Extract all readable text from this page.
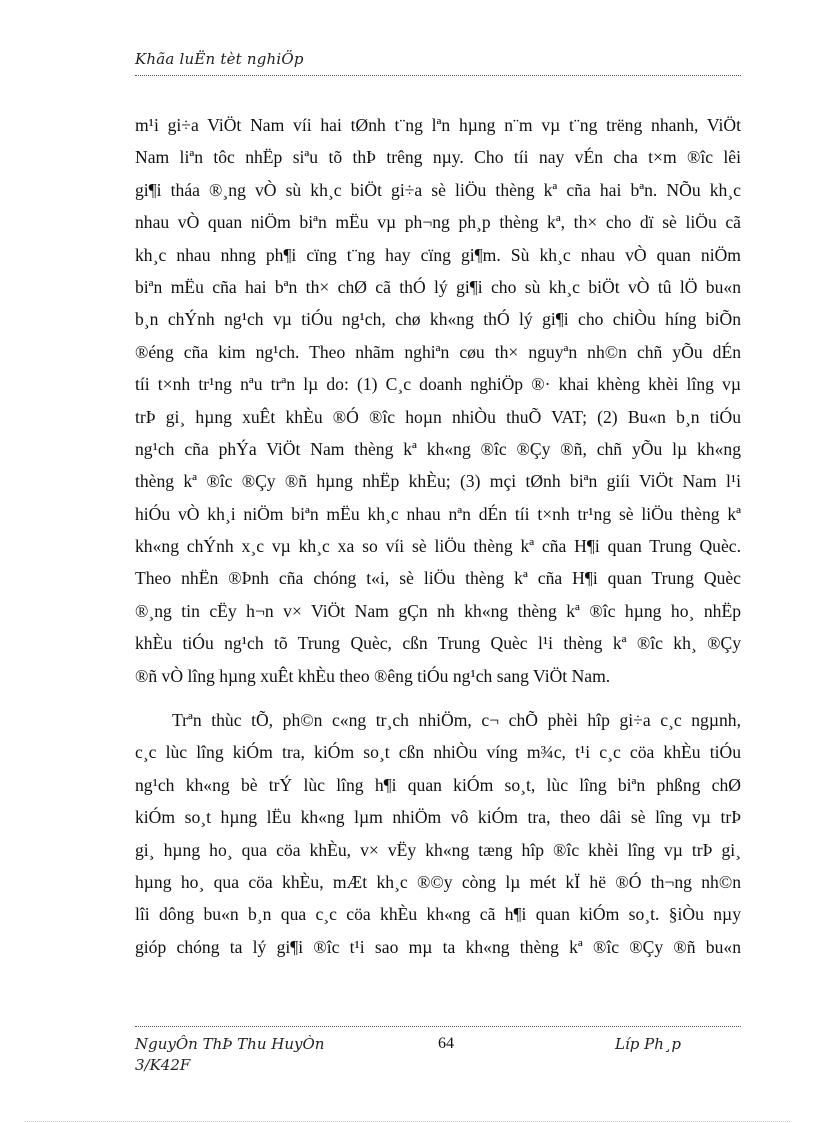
Khãa luËn tèt nghiÖp
m¹i gi÷a ViÖt Nam víi hai tØnh t¨ng lªn hµng n¨m vµ t¨ng trëng nhanh, ViÖt
Nam liªn tôc nhËp siªu tõ thÞ trêng nµy. Cho tíi nay vÉn cha t×m ®îc lêi
gi¶i tháa ®¸ng vÒ sù kh¸c biÖt gi÷a sè liÖu thèng kª cña hai bªn. NÕu kh¸c
nhau vÒ quan niÖm biªn mËu vµ ph¬ng ph¸p thèng kª, th× cho dï sè liÖu cã
kh¸c nhau nhng ph¶i cïng t¨ng hay cïng gi¶m. Sù kh¸c nhau vÒ quan niÖm
biªn mËu cña hai bªn th× chØ cã thÓ lý gi¶i cho sù kh¸c biÖt vÒ tû lÖ bu«n
b¸n chÝnh ng¹ch vµ tiÓu ng¹ch, chø kh«ng thÓ lý gi¶i cho chiÒu híng biÕn
®éng cña kim ng¹ch. Theo nhãm nghiªn cøu th× nguyªn nh©n chñ yÕu dÉn
tíi t×nh tr¹ng nªu trªn lµ do: (1) C¸c doanh nghiÖp ®· khai khèng khèi lîng vµ
trÞ gi¸ hµng xuÊt khÈu ®Ó ®îc hoµn nhiÒu thuÕ VAT; (2) Bu«n b¸n tiÓu
ng¹ch cña phÝa ViÖt Nam thèng kª kh«ng ®îc ®Çy ®ñ, chñ yÕu lµ kh«ng
thèng kª ®îc ®Çy ®ñ hµng nhËp khÈu; (3) mçi tØnh biªn giíi ViÖt Nam l¹i
hiÓu vÒ kh¸i niÖm biªn mËu kh¸c nhau nªn dÉn tíi t×nh tr¹ng sè liÖu thèng kª
kh«ng chÝnh x¸c vµ kh¸c xa so víi sè liÖu thèng kª cña H¶i quan Trung Quèc.
Theo nhËn ®Þnh cña chóng t«i, sè liÖu thèng kª cña H¶i quan Trung Quèc
®¸ng tin cËy h¬n v× ViÖt Nam gÇn nh kh«ng thèng kª ®îc hµng ho¸ nhËp
khÈu tiÓu ng¹ch tõ Trung Quèc, cßn Trung Quèc l¹i thèng kª ®îc kh¸ ®Çy
®ñ vÒ lîng hµng xuÊt khÈu theo ®êng tiÓu ng¹ch sang ViÖt Nam.
Trªn thùc tÕ, ph©n c«ng tr¸ch nhiÖm, c¬ chÕ phèi hîp gi÷a c¸c ngµnh,
c¸c lùc lîng kiÓm tra, kiÓm so¸t cßn nhiÒu víng m¾c, t¹i c¸c cöa khÈu tiÓu
ng¹ch kh«ng bè trÝ lùc lîng h¶i quan kiÓm so¸t, lùc lîng biªn phßng chØ
kiÓm so¸t hµng lËu kh«ng lµm nhiÖm vô kiÓm tra, theo dâi sè lîng vµ trÞ
gi¸ hµng ho¸ qua cöa khÈu, v× vËy kh«ng tæng hîp ®îc khèi lîng vµ trÞ gi¸
hµng ho¸ qua cöa khÈu, mÆt kh¸c ®©y còng lµ mét kÏ hë ®Ó th¬ng nh©n
lîi dông bu«n b¸n qua c¸c cöa khÈu kh«ng cã h¶i quan kiÓm so¸t. §iÒu nµy
gióp chóng ta lý gi¶i ®îc t¹i sao mµ ta kh«ng thèng kª ®îc ®Çy ®ñ bu«n
NguyÔn ThÞ Thu HuyÒn	64	Líp Ph¸p
3/K42F
